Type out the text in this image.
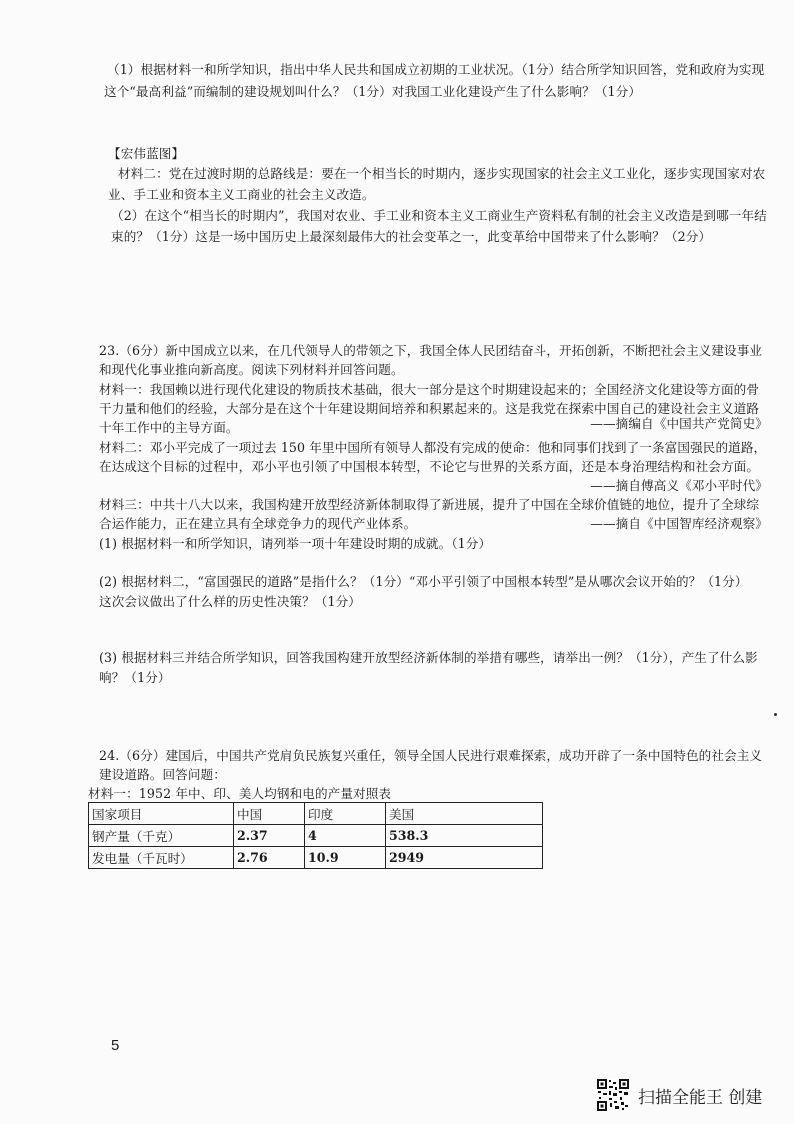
（1）根据材料一和所学知识，指出中华人民共和国成立初期的工业状况。（1分）结合所学知识回答，党和政府为实现
这个“最高利益”而编制的建设规划叫什么？（1分）对我国工业化建设产生了什么影响？（1分）
【宏伟蓝图】
材料二：党在过渡时期的总路线是：要在一个相当长的时期内，逐步实现国家的社会主义工业化，逐步实现国家对农
业、手工业和资本主义工商业的社会主义改造。
（2）在这个“相当长的时期内”，我国对农业、手工业和资本主义工商业生产资料私有制的社会主义改造是到哪一年结
束的？（1分）这是一场中国历史上最深刻最伟大的社会变革之一，此变革给中国带来了什么影响？（2分）
23.（6分）新中国成立以来，在几代领导人的带领之下，我国全体人民团结奋斗，开拓创新，不断把社会主义建设事业
和现代化事业推向新高度。阅读下列材料并回答问题。
材料一：我国赖以进行现代化建设的物质技术基础，很大一部分是这个时期建设起来的；全国经济文化建设等方面的骨
干力量和他们的经验，大部分是在这个十年建设期间培养和积累起来的。这是我党在探索中国自己的建设社会主义道路
十年工作中的主导方面。	——摘编自《中国共产党简史》
材料二：邓小平完成了一项过去 150 年里中国所有领导人都没有完成的使命：他和同事们找到了一条富国强民的道路，
在达成这个目标的过程中，邓小平也引领了中国根本转型，不论它与世界的关系方面，还是本身治理结构和社会方面。
——摘自傅高义《邓小平时代》
材料三：中共十八大以来，我国构建开放型经济新体制取得了新进展，提升了中国在全球价值链的地位，提升了全球综
合运作能力，正在建立具有全球竞争力的现代产业体系。	——摘自《中国智库经济观察》
(1) 根据材料一和所学知识，请列举一项十年建设时期的成就。（1分）
(2) 根据材料二，“富国强民的道路”是指什么？（1分）“邓小平引领了中国根本转型”是从哪次会议开始的？（1分）
这次会议做出了什么样的历史性决策？（1分）
(3) 根据材料三并结合所学知识，回答我国构建开放型经济新体制的举措有哪些，请举出一例？（1分），产生了什么影
响？（1分）
24.（6分）建国后，中国共产党肩负民族复兴重任，领导全国人民进行艰难探索，成功开辟了一条中国特色的社会主义
建设道路。回答问题：
材料一：1952 年中、印、美人均钢和电的产量对照表
国家项目	中国	印度	美国
钢产量（千克）	2.37	4	538.3
发电量（千瓦时）	2.76	10.9	2949
5
扫描全能王 创建
